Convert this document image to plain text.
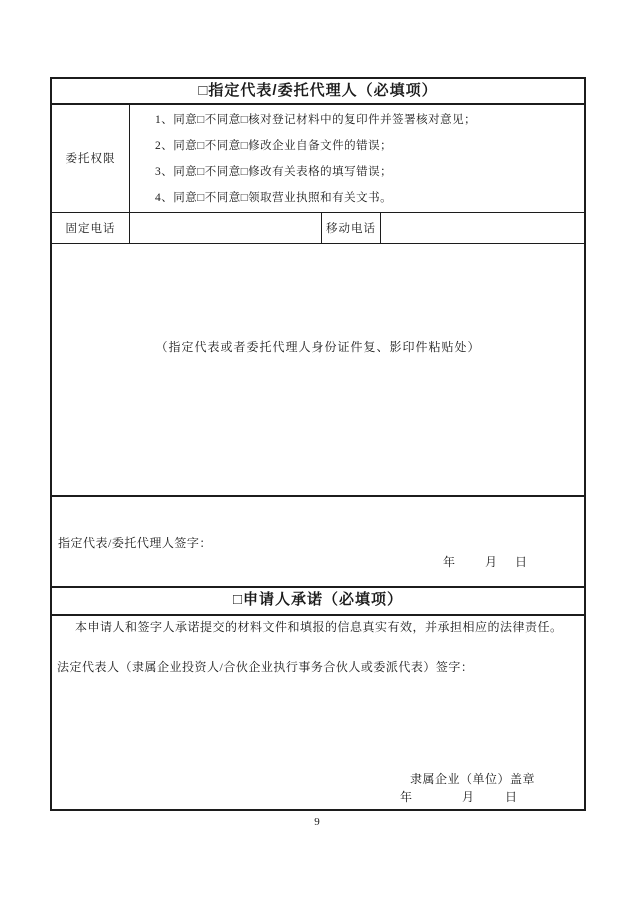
□指定代表/委托代理人（必填项）
委托权限
1、同意□不同意□核对登记材料中的复印件并签署核对意见；
2、同意□不同意□修改企业自备文件的错误；
3、同意□不同意□修改有关表格的填写错误；
4、同意□不同意□领取营业执照和有关文书。
固定电话	移动电话
（指定代表或者委托代理人身份证件复、影印件粘贴处）
指定代表/委托代理人签字：
年 月 日
□申请人承诺（必填项）
本申请人和签字人承诺提交的材料文件和填报的信息真实有效，并承担相应的法律责任。
法定代表人（隶属企业投资人/合伙企业执行事务合伙人或委派代表）签字：
隶属企业（单位）盖章
年	月	日
9
